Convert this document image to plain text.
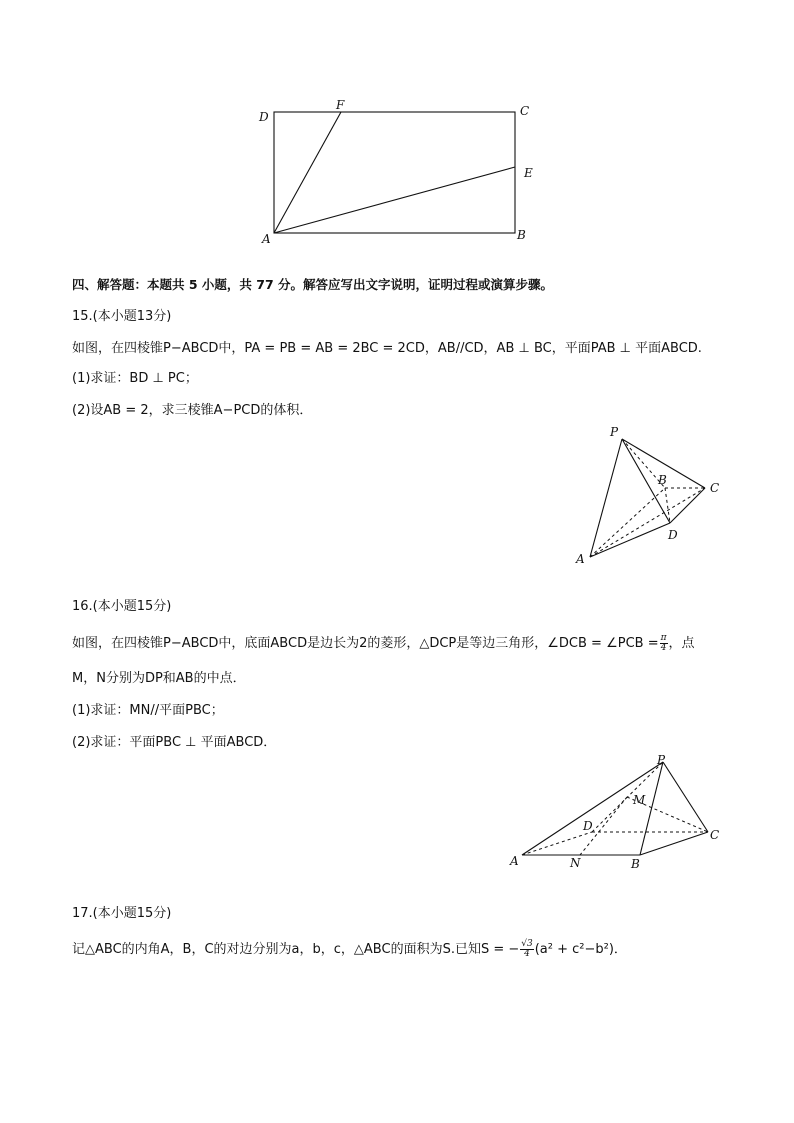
D
F	C
E
A	B
四、解答题：本题共 5 小题，共 77 分。解答应写出文字说明，证明过程或演算步骤。
15.(本小题13分)
如图，在四棱锥P−ABCD中，PA = PB = AB = 2BC = 2CD，AB//CD，AB ⊥ BC，平面PAB ⊥ 平面ABCD.
(1)求证：BD ⊥ PC；
(2)设AB = 2，求三棱锥A−PCD的体积．
P
B
C
D
A
16.(本小题15分)
如图，在四棱锥P−ABCD中，底面ABCD是边长为2的菱形，△DCP是等边三角形，∠DCB = ∠PCB = $\frac{\pi}{4}$ ，点
M，N分别为DP和AB的中点．
(1)求证：MN//平面PBC；
(2)求证：平面PBC ⊥ 平面ABCD．
P
M
D
C
A	N	B
17.(本小题15分)
记△ABC的内角A，B，C的对边分别为a，b，c，△ABC的面积为S.已知S = − $\frac{√3}{4} (a^2 + c^2-b^2)$．
